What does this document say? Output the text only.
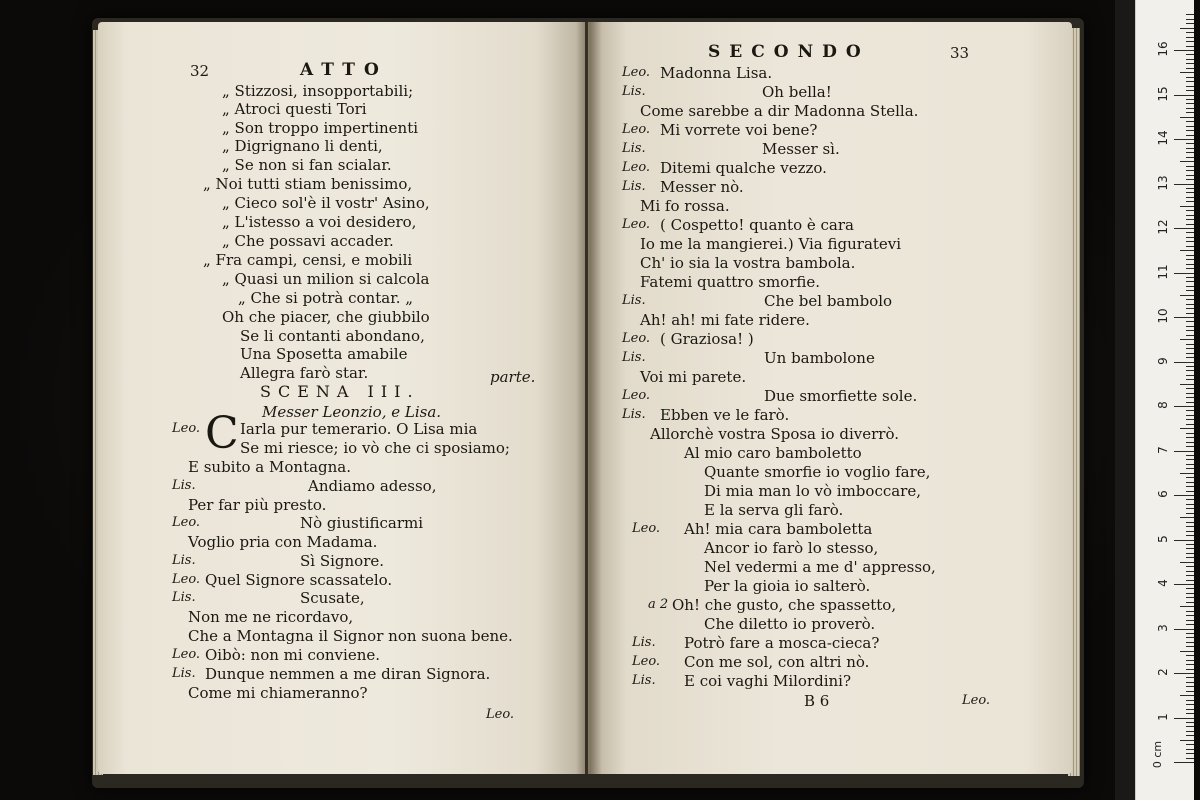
32	ATTO
„ Stizzosi, insopportabili;
„ Atroci questi Tori
„ Son troppo impertinenti
„ Digrignano li denti,
„ Se non si fan scialar.
„ Noi tutti stiam benissimo,
„ Cieco sol'è il vostr' Asino,
„ L'istesso a voi desidero,
„ Che possavi accader.
„ Fra campi, censi, e mobili
„ Quasi un milion si calcola
„ Che si potrà contar. „
Oh che piacer, che giubbilo
Se li contanti abondano,
Una Sposetta amabile
Allegra farò star.	parte.
SCENA III.
Messer Leonzio, e Lisa.
Leo. C Iarla pur temerario. O Lisa mia
Se mi riesce; io vò che ci sposiamo;
E subito a Montagna.
Lis.	Andiamo adesso,
Per far più presto.
Leo.	Nò giustificarmi
Voglio pria con Madama.
Lis.	Sì Signore.
Leo. Quel Signore scassatelo.
Lis.	Scusate,
Non me ne ricordavo,
Che a Montagna il Signor non suona bene.
Leo. Oibò: non mi conviene.
Lis. Dunque nemmen a me diran Signora.
Come mi chiameranno?
Leo.
SECONDO	33
Leo. Madonna Lisa.
Lis.	Oh bella!
Come sarebbe a dir Madonna Stella.
Leo. Mi vorrete voi bene?
Lis.	Messer sì.
Leo. Ditemi qualche vezzo.
Lis. Messer nò.
Mi fo rossa.
Leo. ( Cospetto! quanto è cara
Io me la mangierei.) Via figuratevi
Ch' io sia la vostra bambola.
Fatemi quattro smorfie.
Lis.	Che bel bambolo
Ah! ah! mi fate ridere.
Leo. ( Graziosa! )
Lis.	Un bambolone
Voi mi parete.
Leo.	Due smorfiette sole.
Lis. Ebben ve le farò.
Allorchè vostra Sposa io diverrò.
Al mio caro bamboletto
Quante smorfie io voglio fare,
Di mia man lo vò imboccare,
E la serva gli farò.
Leo. Ah! mia cara bamboletta
Ancor io farò lo stesso,
Nel vedermi a me d' appresso,
Per la gioia io salterò.
a 2 Oh! che gusto, che spassetto,
Che diletto io proverò.
Lis. Potrò fare a mosca-cieca?
Leo. Con me sol, con altri nò.
Lis. E coi vaghi Milordini?
B 6	Leo.
0 cm
1
2
3
4
5
6
7
8
9
10
11
12
13
14
15
16
